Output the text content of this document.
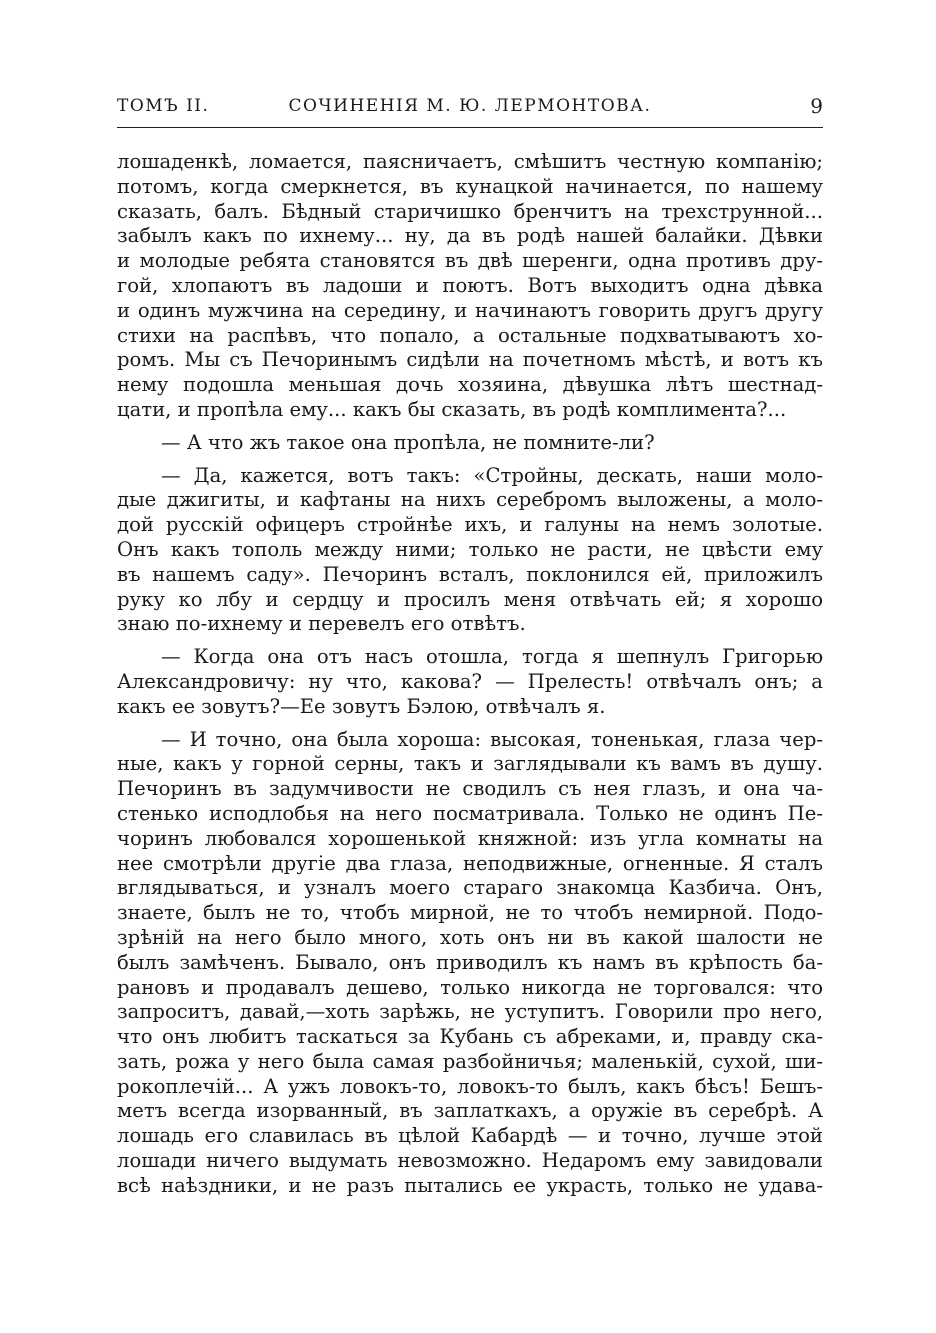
ТОМЪ II.	СОЧИНЕНІЯ М. Ю. ЛЕРМОНТОВА.	9
лошаденкѣ, ломается, паясничаетъ, смѣшитъ честную компанію;
потомъ, когда смеркнется, въ кунацкой начинается, по нашему
сказать, балъ. Бѣдный старичишко бренчитъ на трехструнной...
забылъ какъ по ихнему... ну, да въ родѣ нашей балайки. Дѣвки
и молодые ребята становятся въ двѣ шеренги, одна противъ дру-
гой, хлопаютъ въ ладоши и поютъ. Вотъ выходитъ одна дѣвка
и одинъ мужчина на середину, и начинаютъ говорить другъ другу
стихи на распѣвъ, что попало, а остальные подхватываютъ хо-
ромъ. Мы съ Печоринымъ сидѣли на почетномъ мѣстѣ, и вотъ къ
нему подошла меньшая дочь хозяина, дѣвушка лѣтъ шестнад-
цати, и пропѣла ему... какъ бы сказать, въ родѣ комплимента?...
— А что жъ такое она пропѣла, не помните-ли?
— Да, кажется, вотъ такъ: «Стройны, дескать, наши моло-
дые джигиты, и кафтаны на нихъ серебромъ выложены, а моло-
дой русскій офицеръ стройнѣе ихъ, и галуны на немъ золотые.
Онъ какъ тополь между ними; только не расти, не цвѣсти ему
въ нашемъ саду». Печоринъ всталъ, поклонился ей, приложилъ
руку ко лбу и сердцу и просилъ меня отвѣчать ей; я хорошо
знаю по-ихнему и перевелъ его отвѣтъ.
— Когда она отъ насъ отошла, тогда я шепнулъ Григорью
Александровичу: ну что, какова? — Прелесть! отвѣчалъ онъ; а
какъ ее зовутъ?—Ее зовутъ Бэлою, отвѣчалъ я.
— И точно, она была хороша: высокая, тоненькая, глаза чер-
ные, какъ у горной серны, такъ и заглядывали къ вамъ въ душу.
Печоринъ въ задумчивости не сводилъ съ нея глазъ, и она ча-
стенько исподлобья на него посматривала. Только не одинъ Пе-
чоринъ любовался хорошенькой княжной: изъ угла комнаты на
нее смотрѣли другіе два глаза, неподвижные, огненные. Я сталъ
вглядываться, и узналъ моего стараго знакомца Казбича. Онъ,
знаете, былъ не то, чтобъ мирной, не то чтобъ немирной. Подо-
зрѣній на него было много, хоть онъ ни въ какой шалости не
былъ замѣченъ. Бывало, онъ приводилъ къ намъ въ крѣпость ба-
рановъ и продавалъ дешево, только никогда не торговался: что
запроситъ, давай,—хоть зарѣжь, не уступитъ. Говорили про него,
что онъ любитъ таскаться за Кубань съ абреками, и, правду ска-
зать, рожа у него была самая разбойничья; маленькій, сухой, ши-
рокоплечій... А ужъ ловокъ-то, ловокъ-то былъ, какъ бѣсъ! Бешъ-
метъ всегда изорванный, въ заплаткахъ, а оружіе въ серебрѣ. А
лошадь его славилась въ цѣлой Кабардѣ — и точно, лучше этой
лошади ничего выдумать невозможно. Недаромъ ему завидовали
всѣ наѣздники, и не разъ пытались ее украсть, только не удава-
